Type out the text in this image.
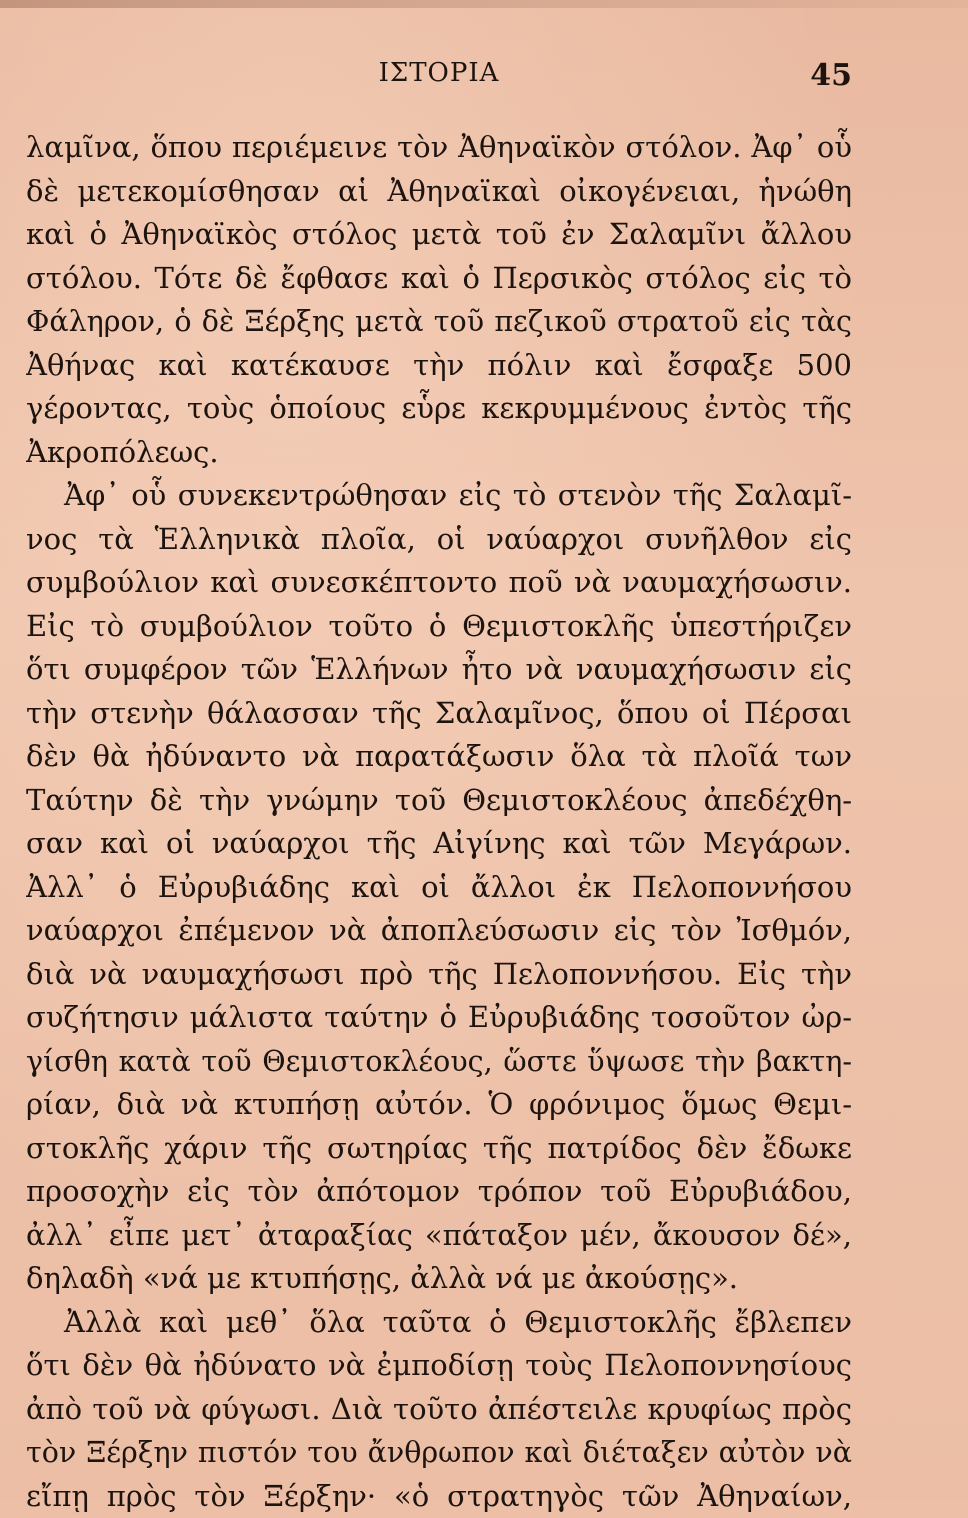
ΙΣΤΟΡΙΑ	45
λαμῖνα, ὅπου περιέμεινε τὸν Ἀθηναϊκὸν στόλον. Ἀφ᾽ οὗ
δὲ μετεκομίσθησαν αἱ Ἀθηναϊκαὶ οἰκογένειαι, ἡνώθη
καὶ ὁ Ἀθηναϊκὸς στόλος μετὰ τοῦ ἐν Σαλαμῖνι ἄλλου
στόλου. Τότε δὲ ἔφθασε καὶ ὁ Περσικὸς στόλος εἰς τὸ
Φάληρον, ὁ δὲ Ξέρξης μετὰ τοῦ πεζικοῦ στρατοῦ εἰς τὰς
Ἀθήνας καὶ κατέκαυσε τὴν πόλιν καὶ ἔσφαξε 500
γέροντας, τοὺς ὁποίους εὗρε κεκρυμμένους ἐντὸς τῆς
Ἀκροπόλεως.
Ἀφ᾽ οὗ συνεκεντρώθησαν εἰς τὸ στενὸν τῆς Σαλαμῖ-
νος τὰ Ἑλληνικὰ πλοῖα, οἱ ναύαρχοι συνῆλθον εἰς
συμβούλιον καὶ συνεσκέπτοντο ποῦ νὰ ναυμαχήσωσιν.
Εἰς τὸ συμβούλιον τοῦτο ὁ Θεμιστοκλῆς ὑπεστήριζεν
ὅτι συμφέρον τῶν Ἑλλήνων ἦτο νὰ ναυμαχήσωσιν εἰς
τὴν στενὴν θάλασσαν τῆς Σαλαμῖνος, ὅπου οἱ Πέρσαι
δὲν θὰ ἠδύναντο νὰ παρατάξωσιν ὅλα τὰ πλοῖά των
Ταύτην δὲ τὴν γνώμην τοῦ Θεμιστοκλέους ἀπεδέχθη-
σαν καὶ οἱ ναύαρχοι τῆς Αἰγίνης καὶ τῶν Μεγάρων.
Ἀλλ᾽ ὁ Εὐρυβιάδης καὶ οἱ ἄλλοι ἐκ Πελοποννήσου
ναύαρχοι ἐπέμενον νὰ ἀποπλεύσωσιν εἰς τὸν Ἰσθμόν,
διὰ νὰ ναυμαχήσωσι πρὸ τῆς Πελοποννήσου. Εἰς τὴν
συζήτησιν μάλιστα ταύτην ὁ Εὐρυβιάδης τοσοῦτον ὠρ-
γίσθη κατὰ τοῦ Θεμιστοκλέους, ὥστε ὕψωσε τὴν βακτη-
ρίαν, διὰ νὰ κτυπήσῃ αὐτόν. Ὁ φρόνιμος ὅμως Θεμι-
στοκλῆς χάριν τῆς σωτηρίας τῆς πατρίδος δὲν ἔδωκε
προσοχὴν εἰς τὸν ἀπότομον τρόπον τοῦ Εὐρυβιάδου,
ἀλλ᾽ εἶπε μετ᾽ ἀταραξίας «πάταξον μέν, ἄκουσον δέ»,
δηλαδὴ «νά με κτυπήσῃς, ἀλλὰ νά με ἀκούσῃς».
Ἀλλὰ καὶ μεθ᾽ ὅλα ταῦτα ὁ Θεμιστοκλῆς ἔβλεπεν
ὅτι δὲν θὰ ἠδύνατο νὰ ἐμποδίσῃ τοὺς Πελοποννησίους
ἀπὸ τοῦ νὰ φύγωσι. Διὰ τοῦτο ἀπέστειλε κρυφίως πρὸς
τὸν Ξέρξην πιστόν του ἄνθρωπον καὶ διέταξεν αὐτὸν νὰ
εἴπῃ πρὸς τὸν Ξέρξην· «ὁ στρατηγὸς τῶν Ἀθηναίων,
